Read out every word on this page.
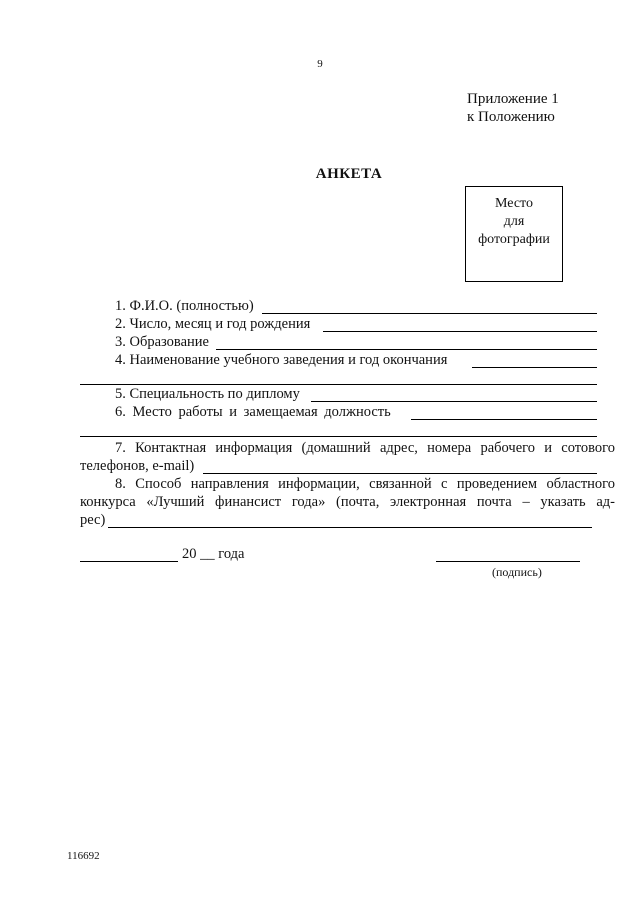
9
Приложение 1
к Положению
АНКЕТА
Место
для
фотографии
1. Ф.И.О. (полностью)
2. Число, месяц и год рождения
3. Образование
4. Наименование учебного заведения и год окончания
5. Специальность по диплому
6. Место работы и замещаемая должность
7. Контактная информация (домашний адрес, номера рабочего и сотового
телефонов, e-mail)
8. Способ направления информации, связанной с проведением областного
конкурса «Лучший финансист года» (почта, электронная почта – указать ад-
рес)
20 __ года
(подпись)
116692
